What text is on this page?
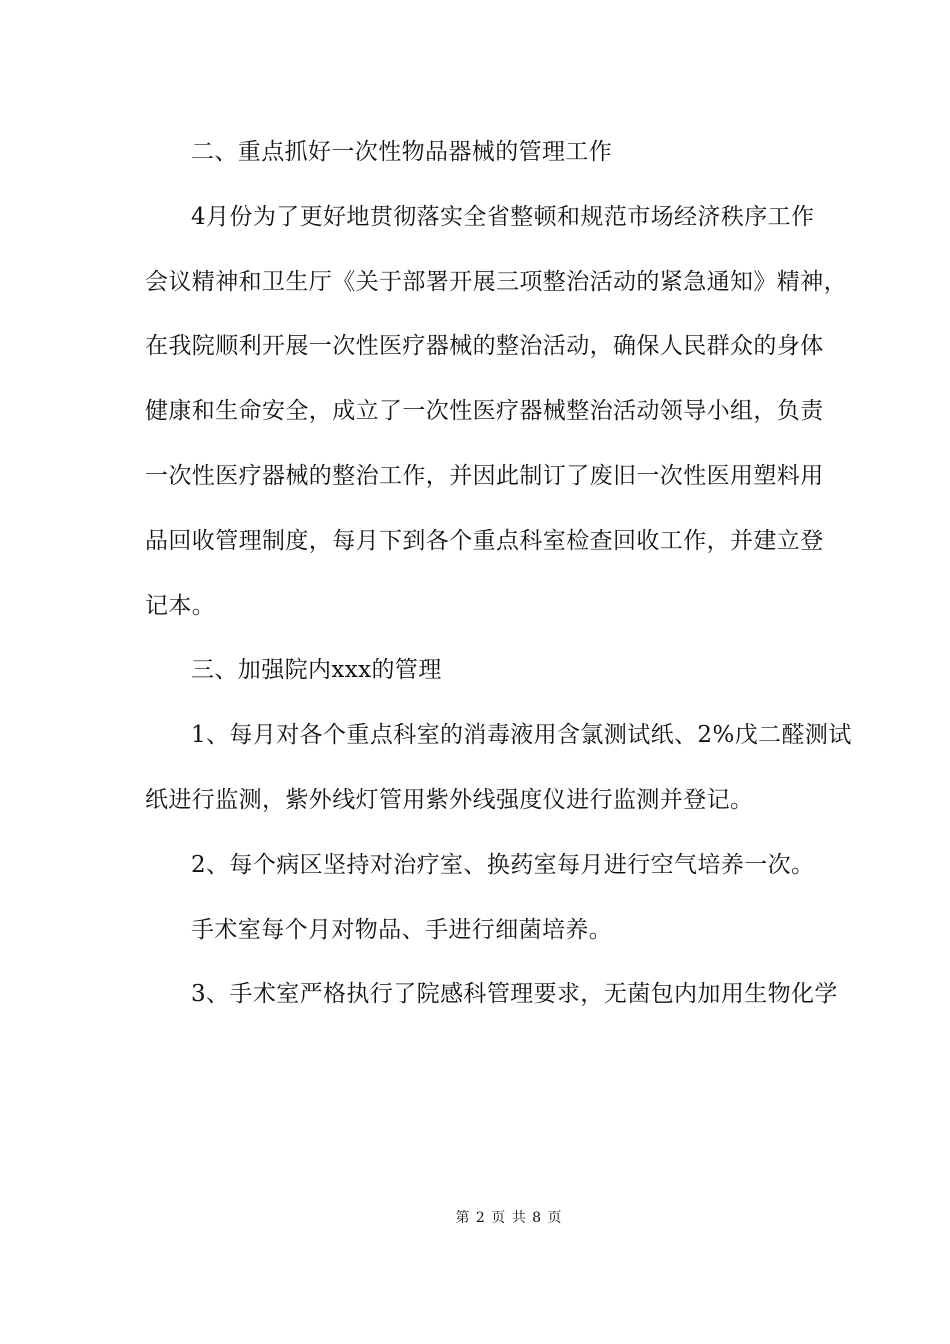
二、重点抓好一次性物品器械的管理工作
4月份为了更好地贯彻落实全省整顿和规范市场经济秩序工作
会议精神和卫生厅《关于部署开展三项整治活动的紧急通知》精神，
在我院顺利开展一次性医疗器械的整治活动，确保人民群众的身体
健康和生命安全，成立了一次性医疗器械整治活动领导小组，负责
一次性医疗器械的整治工作，并因此制订了废旧一次性医用塑料用
品回收管理制度，每月下到各个重点科室检查回收工作，并建立登
记本。
三、加强院内xxx的管理
1、每月对各个重点科室的消毒液用含氯测试纸、2%戊二醛测试
纸进行监测，紫外线灯管用紫外线强度仪进行监测并登记。
2、每个病区坚持对治疗室、换药室每月进行空气培养一次。
手术室每个月对物品、手进行细菌培养。
3、手术室严格执行了院感科管理要求，无菌包内加用生物化学
第 2 页 共 8 页
